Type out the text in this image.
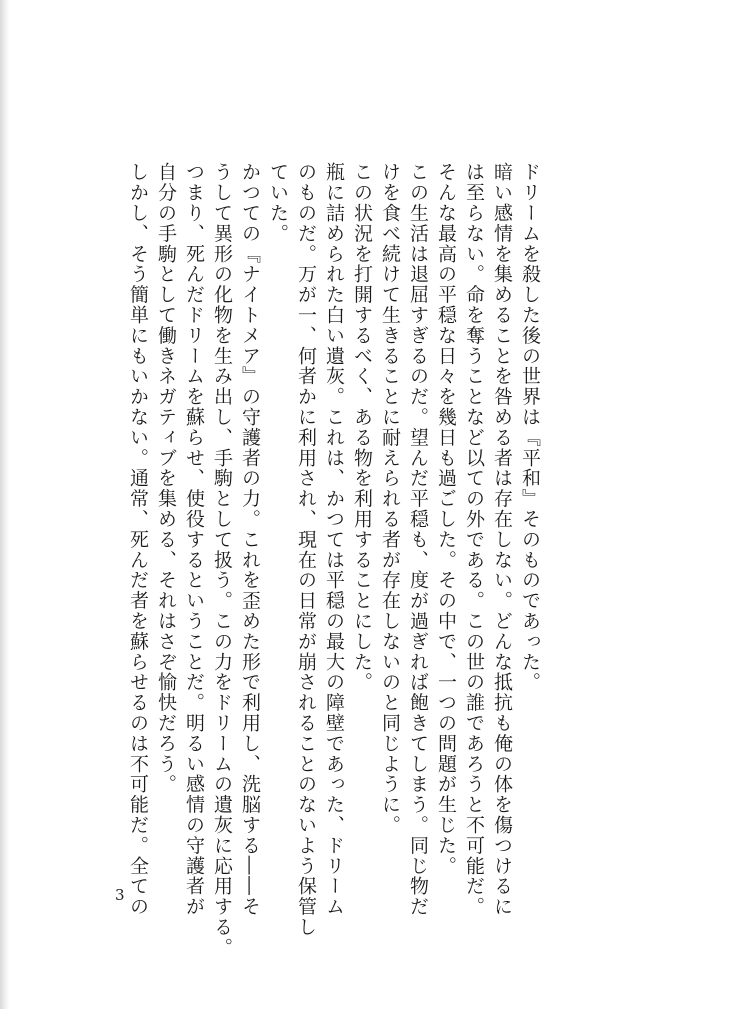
ドリームを殺した後の世界は『平和』そのものであった。
暗い感情を集めることを咎める者は存在しない。どんな抵抗も俺の体を傷つけるに
は至らない。命を奪うことなど以ての外である。この世の誰であろうと不可能だ。
そんな最高の平穏な日々を幾日も過ごした。その中で、一つの問題が生じた。
この生活は退屈すぎるのだ。望んだ平穏も、度が過ぎれば飽きてしまう。同じ物だ
けを食べ続けて生きることに耐えられる者が存在しないのと同じように。
この状況を打開するべく、ある物を利用することにした。
瓶に詰められた白い遺灰。これは、かつては平穏の最大の障壁であった、ドリーム
のものだ。万が一、何者かに利用され、現在の日常が崩されることのないよう保管し
ていた。
かつての『ナイトメア』の守護者の力。これを歪めた形で利用し、洗脳する――そ
うして異形の化物を生み出し、手駒として扱う。この力をドリームの遺灰に応用する。
つまり、死んだドリームを蘇らせ、使役するということだ。明るい感情の守護者が
自分の手駒として働きネガティブを集める、それはさぞ愉快だろう。
しかし、そう簡単にもいかない。通常、死んだ者を蘇らせるのは不可能だ。全ての
3
